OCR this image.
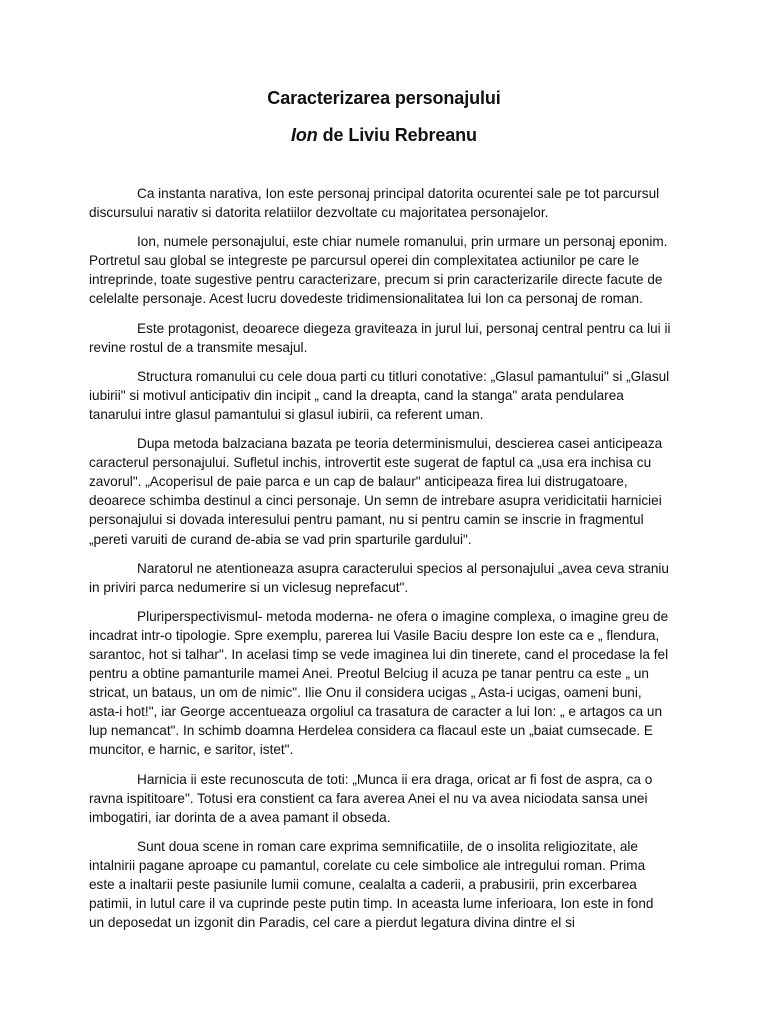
Caracterizarea personajului
Ion de Liviu Rebreanu

Ca instanta narativa, Ion este personaj principal datorita ocurentei sale pe tot parcursul discursului narativ si datorita relatiilor dezvoltate cu majoritatea personajelor.

Ion, numele personajului, este chiar numele romanului, prin urmare un personaj eponim. Portretul sau global se integreste pe parcursul operei din complexitatea actiunilor pe care le intreprinde, toate sugestive pentru caracterizare, precum si prin caracterizarile directe facute de celelalte personaje. Acest lucru dovedeste tridimensionalitatea lui Ion ca personaj de roman.

Este protagonist, deoarece diegeza graviteaza in jurul lui, personaj central pentru ca lui ii revine rostul de a transmite mesajul.

Structura romanului cu cele doua parti cu titluri conotative: „Glasul pamantului" si „Glasul iubirii" si motivul anticipativ din incipit „ cand la dreapta, cand la stanga" arata pendularea tanarului intre glasul pamantului si glasul iubirii, ca referent uman.

Dupa metoda balzaciana bazata pe teoria determinismului, descierea casei anticipeaza caracterul personajului. Sufletul inchis, introvertit este sugerat de faptul ca „usa era inchisa cu zavorul". „Acoperisul de paie parca e un cap de balaur" anticipeaza firea lui distrugatoare, deoarece schimba destinul a cinci personaje. Un semn de intrebare asupra veridicitatii harniciei personajului si dovada interesului pentru pamant, nu si pentru camin se inscrie in fragmentul „pereti varuiti de curand de-abia se vad prin sparturile gardului".

Naratorul ne atentioneaza asupra caracterului specios al personajului „avea ceva straniu in priviri parca nedumerire si un viclesug neprefacut".

Pluriperspectivismul- metoda moderna- ne ofera o imagine complexa, o imagine greu de incadrat intr-o tipologie. Spre exemplu, parerea lui Vasile Baciu despre Ion este ca e „ flendura, sarantoc, hot si talhar". In acelasi timp se vede imaginea lui din tinerete, cand el procedase la fel pentru a obtine pamanturile mamei Anei. Preotul Belciug il acuza pe tanar pentru ca este „ un stricat, un bataus, un om de nimic". Ilie Onu il considera ucigas „ Asta-i ucigas, oameni buni, asta-i hot!", iar George accentueaza orgoliul ca trasatura de caracter a lui Ion: „ e artagos ca un lup nemancat". In schimb doamna Herdelea considera ca flacaul este un „baiat cumsecade. E muncitor, e harnic, e saritor, istet".

Harnicia ii este recunoscuta de toti: „Munca ii era draga, oricat ar fi fost de aspra, ca o ravna ispititoare". Totusi era constient ca fara averea Anei el nu va avea niciodata sansa unei imbogatiri, iar dorinta de a avea pamant il obseda.

Sunt doua scene in roman care exprima semnificatiile, de o insolita religiozitate, ale intalnirii pagane aproape cu pamantul, corelate cu cele simbolice ale intregului roman. Prima este a inaltarii peste pasiunile lumii comune, cealalta a caderii, a prabusirii, prin excerbarea patimii, in lutul care il va cuprinde peste putin timp. In aceasta lume inferioara, Ion este in fond un deposedat un izgonit din Paradis, cel care a pierdut legatura divina dintre el si
